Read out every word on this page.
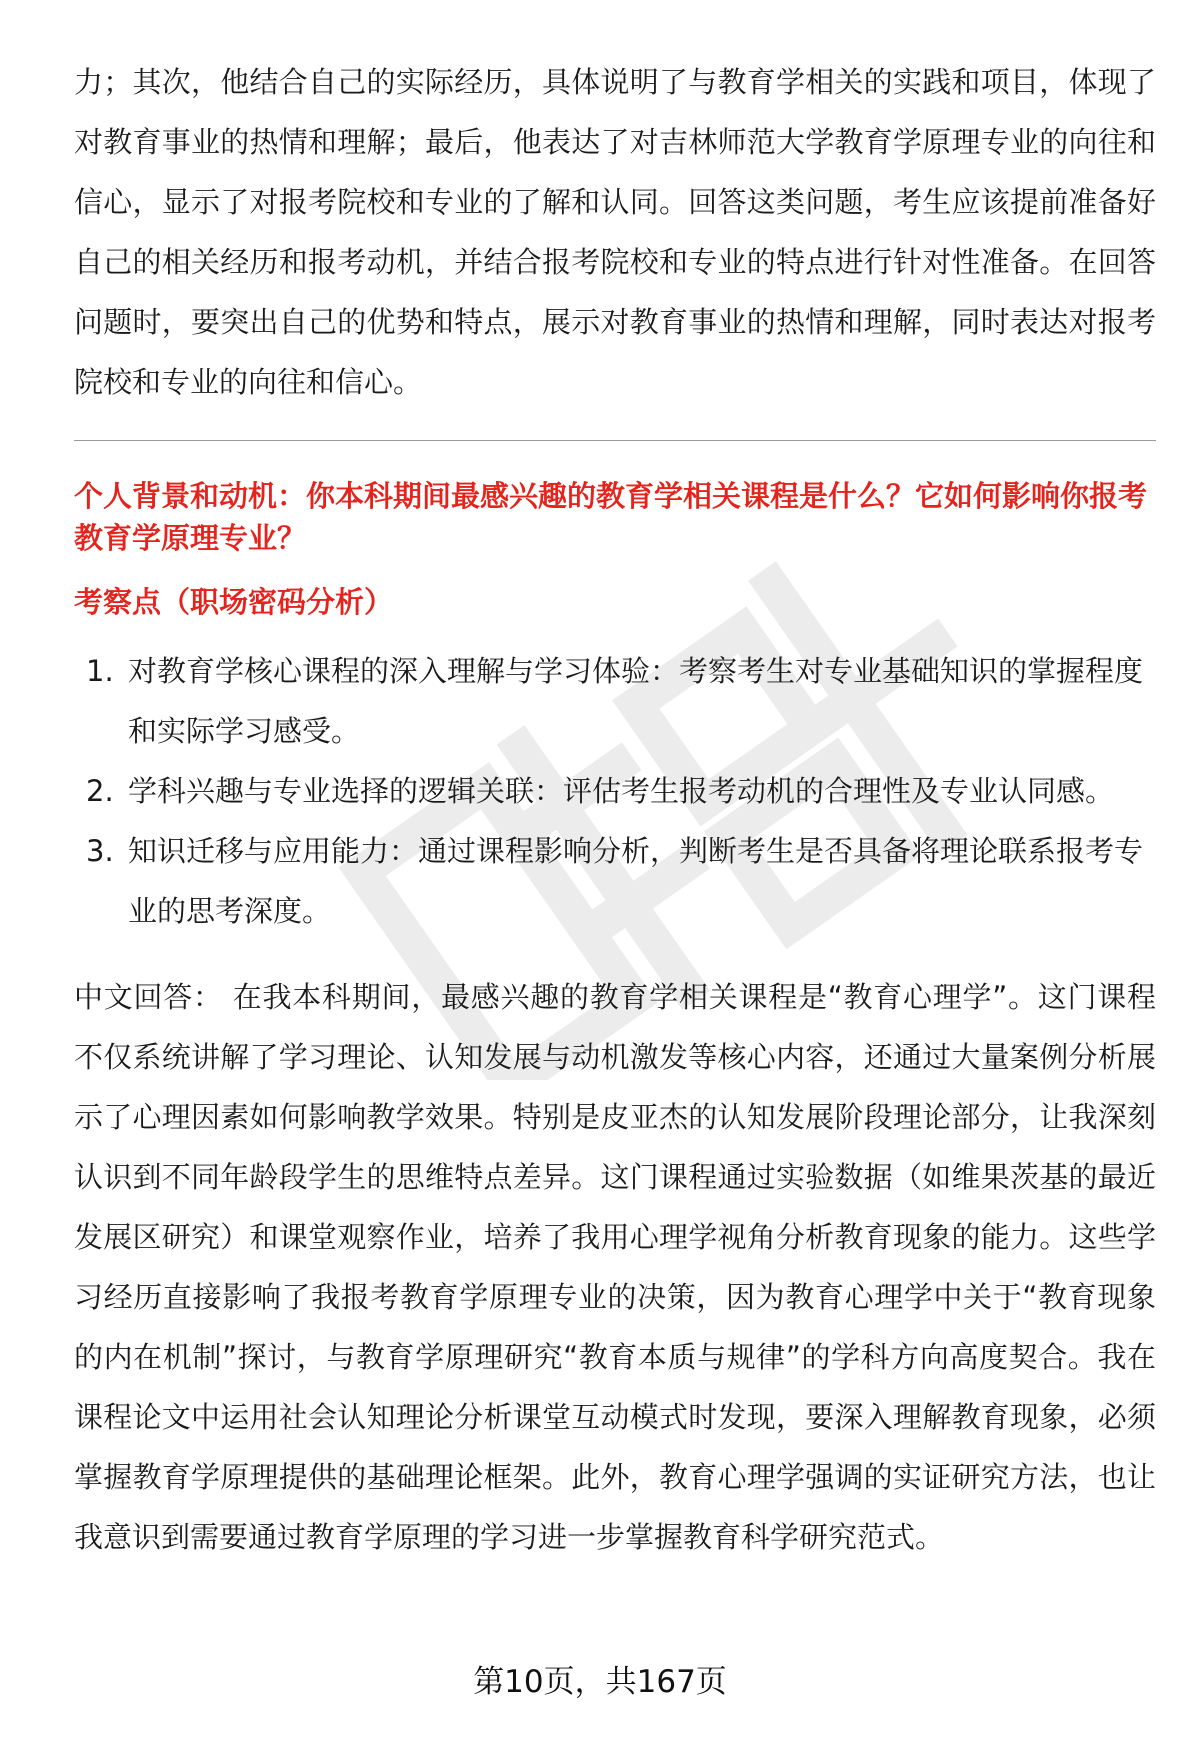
力；其次，他结合自己的实际经历，具体说明了与教育学相关的实践和项目，体现了对教育事业的热情和理解；最后，他表达了对吉林师范大学教育学原理专业的向往和信心，显示了对报考院校和专业的了解和认同。回答这类问题，考生应该提前准备好自己的相关经历和报考动机，并结合报考院校和专业的特点进行针对性准备。在回答问题时，要突出自己的优势和特点，展示对教育事业的热情和理解，同时表达对报考院校和专业的向往和信心。

个人背景和动机：你本科期间最感兴趣的教育学相关课程是什么？它如何影响你报考教育学原理专业？

考察点（职场密码分析）

1. 对教育学核心课程的深入理解与学习体验：考察考生对专业基础知识的掌握程度和实际学习感受。
2. 学科兴趣与专业选择的逻辑关联：评估考生报考动机的合理性及专业认同感。
3. 知识迁移与应用能力：通过课程影响分析，判断考生是否具备将理论联系报考专业的思考深度。

中文回答： 在我本科期间，最感兴趣的教育学相关课程是“教育心理学”。这门课程不仅系统讲解了学习理论、认知发展与动机激发等核心内容，还通过大量案例分析展示了心理因素如何影响教学效果。特别是皮亚杰的认知发展阶段理论部分，让我深刻认识到不同年龄段学生的思维特点差异。这门课程通过实验数据（如维果茨基的最近发展区研究）和课堂观察作业，培养了我用心理学视角分析教育现象的能力。这些学习经历直接影响了我报考教育学原理专业的决策，因为教育心理学中关于“教育现象的内在机制”探讨，与教育学原理研究“教育本质与规律”的学科方向高度契合。我在课程论文中运用社会认知理论分析课堂互动模式时发现，要深入理解教育现象，必须掌握教育学原理提供的基础理论框架。此外，教育心理学强调的实证研究方法，也让我意识到需要通过教育学原理的学习进一步掌握教育科学研究范式。

第10页，共167页
